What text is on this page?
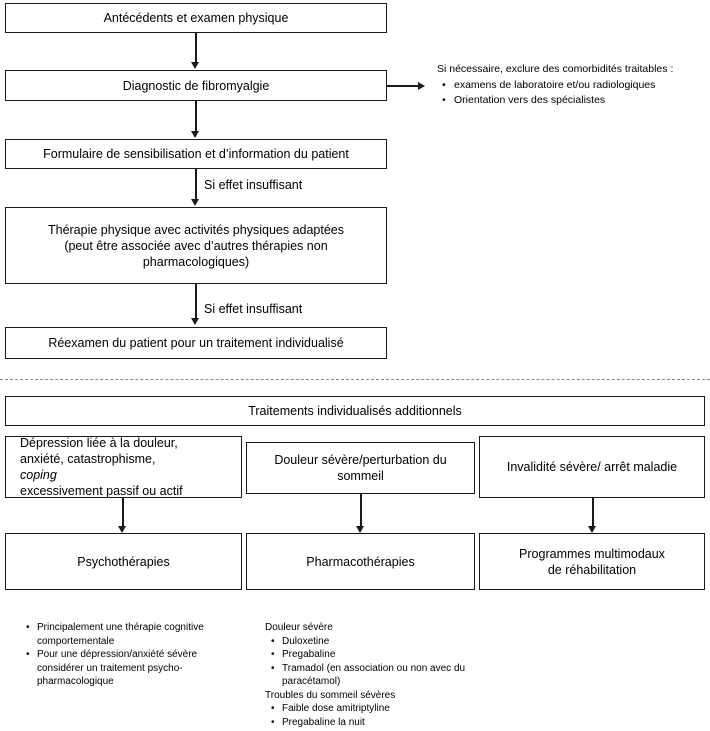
Antécédents et examen physique
Diagnostic de fibromyalgie
Si nécessaire, exclure des comorbidités traitables :
• examens de laboratoire et/ou radiologiques
• Orientation vers des spécialistes
Formulaire de sensibilisation et d’information du patient
Si effet insuffisant
Thérapie physique avec activités physiques adaptées
(peut être associée avec d’autres thérapies non
pharmacologiques)
Si effet insuffisant
Réexamen du patient pour un traitement individualisé
Traitements individualisés additionnels
Dépression liée à la douleur,
anxiété, catastrophisme,
coping
excessivement passif ou actif
Douleur sévère/perturbation du
sommeil
Invalidité sévère/ arrêt maladie
Psychothérapies	Pharmacothérapies
Programmes multimodaux
de réhabilitation
• Principalement une thérapie cognitive comportementale
• Pour une dépression/anxiété sévère considérer un traitement psycho-pharmacologique
Douleur sévère
• Duloxetine
• Pregabaline
• Tramadol (en association ou non avec du paracétamol)
Troubles du sommeil sévères
• Faible dose amitriptyline
• Pregabaline la nuit
